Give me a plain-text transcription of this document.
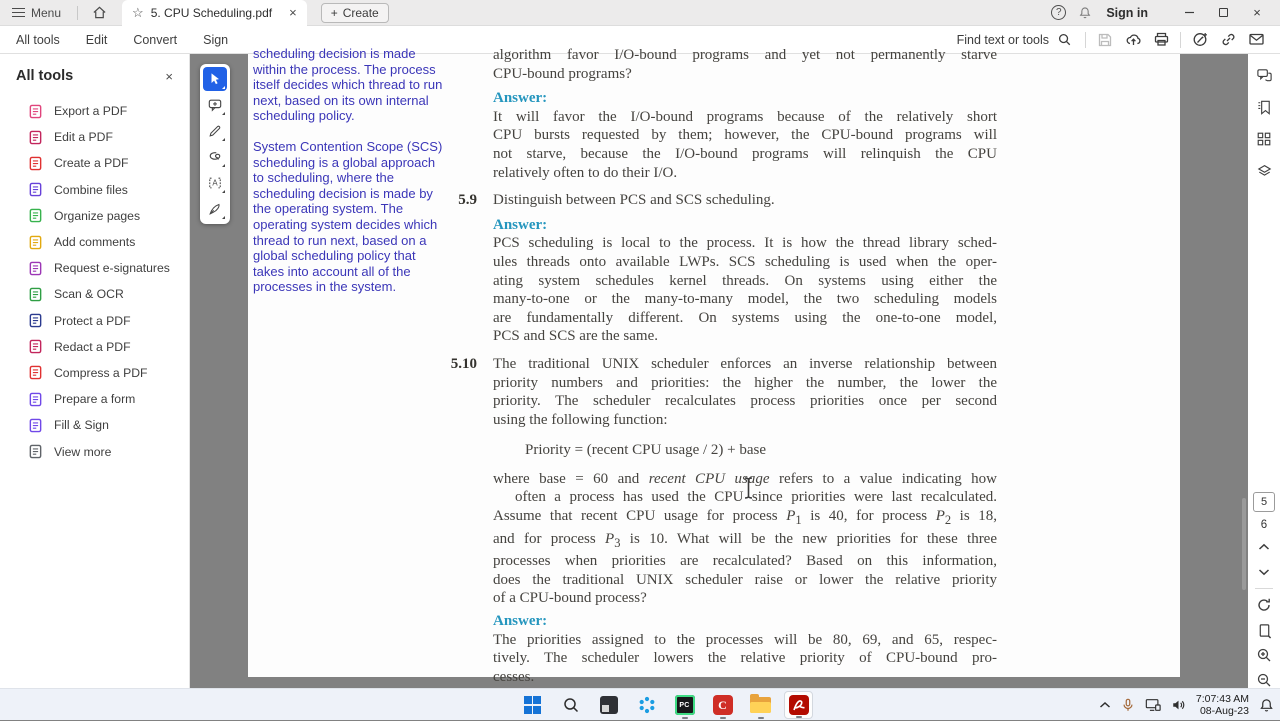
Menu	☆ 5. CPU Scheduling.pdf ×	+ Create	?	Sign in	×
All tools Edit Convert Sign	Find text or tools
All tools	×
Export a PDF
Edit a PDF
Create a PDF
Combine files
Organize pages
Add comments
Request e-signatures
Scan & OCR
Protect a PDF
Redact a PDF
Compress a PDF
Prepare a form
Fill & Sign
View more
A
scheduling decision is made
within the process. The process
itself decides which thread to run
next, based on its own internal
scheduling policy.
System Contention Scope (SCS)
scheduling is a global approach
to scheduling, where the
scheduling decision is made by
the operating system. The
operating system decides which
thread to run next, based on a
global scheduling policy that
takes into account all of the
processes in the system.
algorithm favor I/O-bound programs and yet not permanently starve
CPU-bound programs?
Answer:
It will favor the I/O-bound programs because of the relatively short
CPU bursts requested by them; however, the CPU-bound programs will
not starve, because the I/O-bound programs will relinquish the CPU
relatively often to do their I/O.
5.9 Distinguish between PCS and SCS scheduling.
Answer:
PCS scheduling is local to the process. It is how the thread library sched-
ules threads onto available LWPs. SCS scheduling is used when the oper-
ating system schedules kernel threads. On systems using either the
many-to-one or the many-to-many model, the two scheduling models
are fundamentally different. On systems using the one-to-one model,
PCS and SCS are the same.
5.10 The traditional UNIX scheduler enforces an inverse relationship between
priority numbers and priorities: the higher the number, the lower the
priority. The scheduler recalculates process priorities once per second
using the following function:
Priority = (recent CPU usage / 2) + base
where base = 60 and recent CPU usage refers to a value indicating how
often a process has used the CPU since priorities were last recalculated.
Assume that recent CPU usage for process $P_1$ is 40, for process $P_2$ is 18,
and for process $P_3$ is 10. What will be the new priorities for these three
processes when priorities are recalculated? Based on this information,
does the traditional UNIX scheduler raise or lower the relative priority
of a CPU-bound process?
Answer:
The priorities assigned to the processes will be 80, 69, and 65, respec-
tively. The scheduler lowers the relative priority of CPU-bound pro-
cesses.
5
6
PC	C	7:07:43 AM
08-Aug-23
